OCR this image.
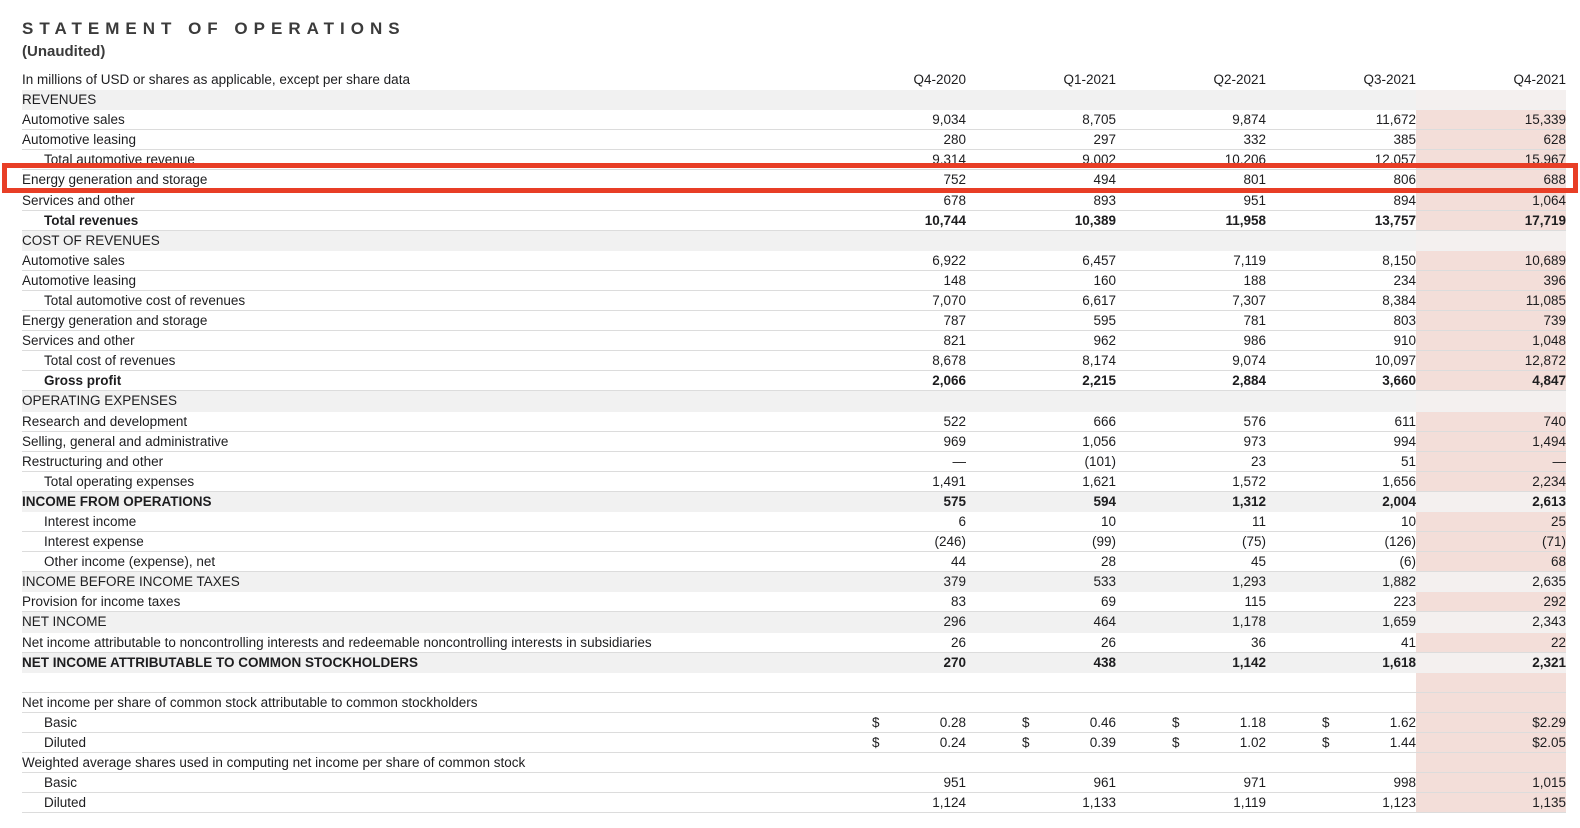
STATEMENT OF OPERATIONS
(Unaudited)
In millions of USD or shares as applicable, except per share data	Q4-2020	Q1-2021	Q2-2021	Q3-2021	Q4-2021
REVENUES
Automotive sales	9,034	8,705	9,874	11,672	15,339
Automotive leasing	280	297	332	385	628
Total automotive revenue	9,314	9,002	10,206	12,057	15,967
Energy generation and storage	752	494	801	806	688
Services and other	678	893	951	894	1,064
Total revenues	10,744	10,389	11,958	13,757	17,719
COST OF REVENUES
Automotive sales	6,922	6,457	7,119	8,150	10,689
Automotive leasing	148	160	188	234	396
Total automotive cost of revenues	7,070	6,617	7,307	8,384	11,085
Energy generation and storage	787	595	781	803	739
Services and other	821	962	986	910	1,048
Total cost of revenues	8,678	8,174	9,074	10,097	12,872
Gross profit	2,066	2,215	2,884	3,660	4,847
OPERATING EXPENSES
Research and development	522	666	576	611	740
Selling, general and administrative	969	1,056	973	994	1,494
Restructuring and other	—	(101)	23	51	—
Total operating expenses	1,491	1,621	1,572	1,656	2,234
INCOME FROM OPERATIONS	575	594	1,312	2,004	2,613
Interest income	6	10	11	10	25
Interest expense	(246)	(99)	(75)	(126)	(71)
Other income (expense), net	44	28	45	(6)	68
INCOME BEFORE INCOME TAXES	379	533	1,293	1,882	2,635
Provision for income taxes	83	69	115	223	292
NET INCOME	296	464	1,178	1,659	2,343
Net income attributable to noncontrolling interests and redeemable noncontrolling interests in subsidiaries	26	26	36	41	22
NET INCOME ATTRIBUTABLE TO COMMON STOCKHOLDERS	270	438	1,142	1,618	2,321
Net income per share of common stock attributable to common stockholders
Basic	$	0.28	$	0.46	$	1.18	$	1.62	$ 2.29
Diluted	$	0.24	$	0.39	$	1.02	$	1.44	$ 2.05
Weighted average shares used in computing net income per share of common stock
Basic	951	961	971	998	1,015
Diluted	1,124	1,133	1,119	1,123	1,135
